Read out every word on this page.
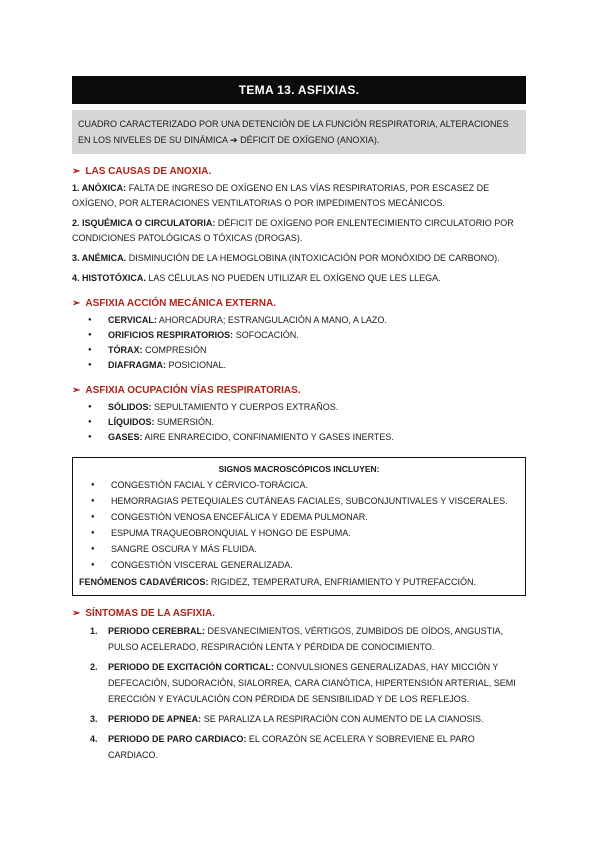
TEMA 13. ASFIXIAS.
CUADRO CARACTERIZADO POR UNA DETENCIÓN DE LA FUNCIÓN RESPIRATORIA, ALTERACIONES EN LOS NIVELES DE SU DINÁMICA ➔ DÉFICIT DE OXÍGENO (ANOXIA).
➢ LAS CAUSAS DE ANOXIA.

1. ANÓXICA: FALTA DE INGRESO DE OXÍGENO EN LAS VÍAS RESPIRATORIAS, POR ESCASEZ DE OXÍGENO, POR ALTERACIONES VENTILATORIAS O POR IMPEDIMENTOS MECÁNICOS.

2. ISQUÉMICA O CIRCULATORIA: DÉFICIT DE OXÍGENO POR ENLENTECIMIENTO CIRCULATORIO POR CONDICIONES PATOLÓGICAS O TÓXICAS (DROGAS).

3. ANÉMICA. DISMINUCIÓN DE LA HEMOGLOBINA (INTOXICACIÓN POR MONÓXIDO DE CARBONO).

4. HISTOTÓXICA. LAS CÉLULAS NO PUEDEN UTILIZAR EL OXÍGENO QUE LES LLEGA.

➢ ASFIXIA ACCIÓN MECÁNICA EXTERNA.
● CERVICAL: AHORCADURA; ESTRANGULACIÓN A MANO, A LAZO.
● ORIFICIOS RESPIRATORIOS: SOFOCACIÓN.
● TÓRAX: COMPRESIÓN
● DIAFRAGMA: POSICIONAL.
➢ ASFIXIA OCUPACIÓN VÍAS RESPIRATORIAS.
● SÓLIDOS: SEPULTAMIENTO Y CUERPOS EXTRAÑOS.
● LÍQUIDOS: SUMERSIÓN.
● GASES: AIRE ENRARECIDO, CONFINAMIENTO Y GASES INERTES.
SIGNOS MACROSCÓPICOS INCLUYEN:
● CONGESTIÓN FACIAL Y CÉRVICO-TORÁCICA.
● HEMORRAGIAS PETEQUIALES CUTÁNEAS FACIALES, SUBCONJUNTIVALES Y VISCERALES.
● CONGESTIÓN VENOSA ENCEFÁLICA Y EDEMA PULMONAR.
● ESPUMA TRAQUEOBRONQUIAL Y HONGO DE ESPUMA.
● SANGRE OSCURA Y MÁS FLUIDA.
● CONGESTIÓN VISCERAL GENERALIZADA.
FENÓMENOS CADAVÉRICOS: RIGIDEZ, TEMPERATURA, ENFRIAMIENTO Y PUTREFACCIÓN.
➢ SÍNTOMAS DE LA ASFIXIA.
1. PERIODO CEREBRAL: DESVANECIMIENTOS, VÉRTIGOS, ZUMBIDOS DE OÍDOS, ANGUSTIA, PULSO ACELERADO, RESPIRACIÓN LENTA Y PÉRDIDA DE CONOCIMIENTO.
2. PERIODO DE EXCITACIÓN CORTICAL: CONVULSIONES GENERALIZADAS, HAY MICCIÓN Y DEFECACIÓN, SUDORACIÓN, SIALORREA, CARA CIANÓTICA, HIPERTENSIÓN ARTERIAL, SEMI ERECCIÓN Y EYACULACIÓN CON PÉRDIDA DE SENSIBILIDAD Y DE LOS REFLEJOS.
3. PERIODO DE APNEA: SE PARALIZA LA RESPIRACIÓN CON AUMENTO DE LA CIANOSIS.
4. PERIODO DE PARO CARDIACO: EL CORAZÓN SE ACELERA Y SOBREVIENE EL PARO CARDIACO.
